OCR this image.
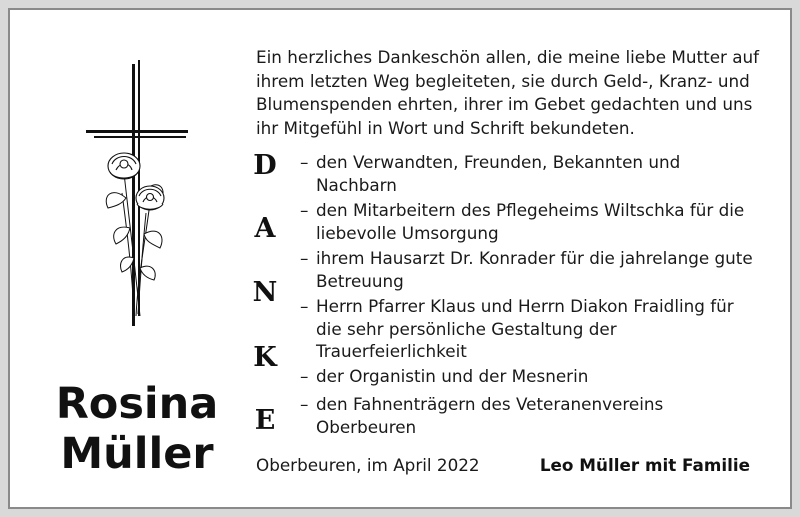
Rosina
Müller
Ein herzliches Dankeschön allen, die meine liebe Mutter auf ihrem letzten Weg begleiteten, sie durch Geld-, Kranz- und Blumenspenden ehrten, ihrer im Gebet gedachten und uns ihr Mitgefühl in Wort und Schrift bekundeten.
D
A
N
K
E
– den Verwandten, Freunden, Bekannten und Nachbarn
– den Mitarbeitern des Pflegeheims Wiltschka für die liebevolle Umsorgung
– ihrem Hausarzt Dr. Konrader für die jahrelange gute Betreuung
– Herrn Pfarrer Klaus und Herrn Diakon Fraidling für die sehr persönliche Gestaltung der Trauerfeierlichkeit
– der Organistin und der Mesnerin
– den Fahnenträgern des Veteranenvereins Oberbeuren
Oberbeuren, im April 2022	Leo Müller mit Familie
